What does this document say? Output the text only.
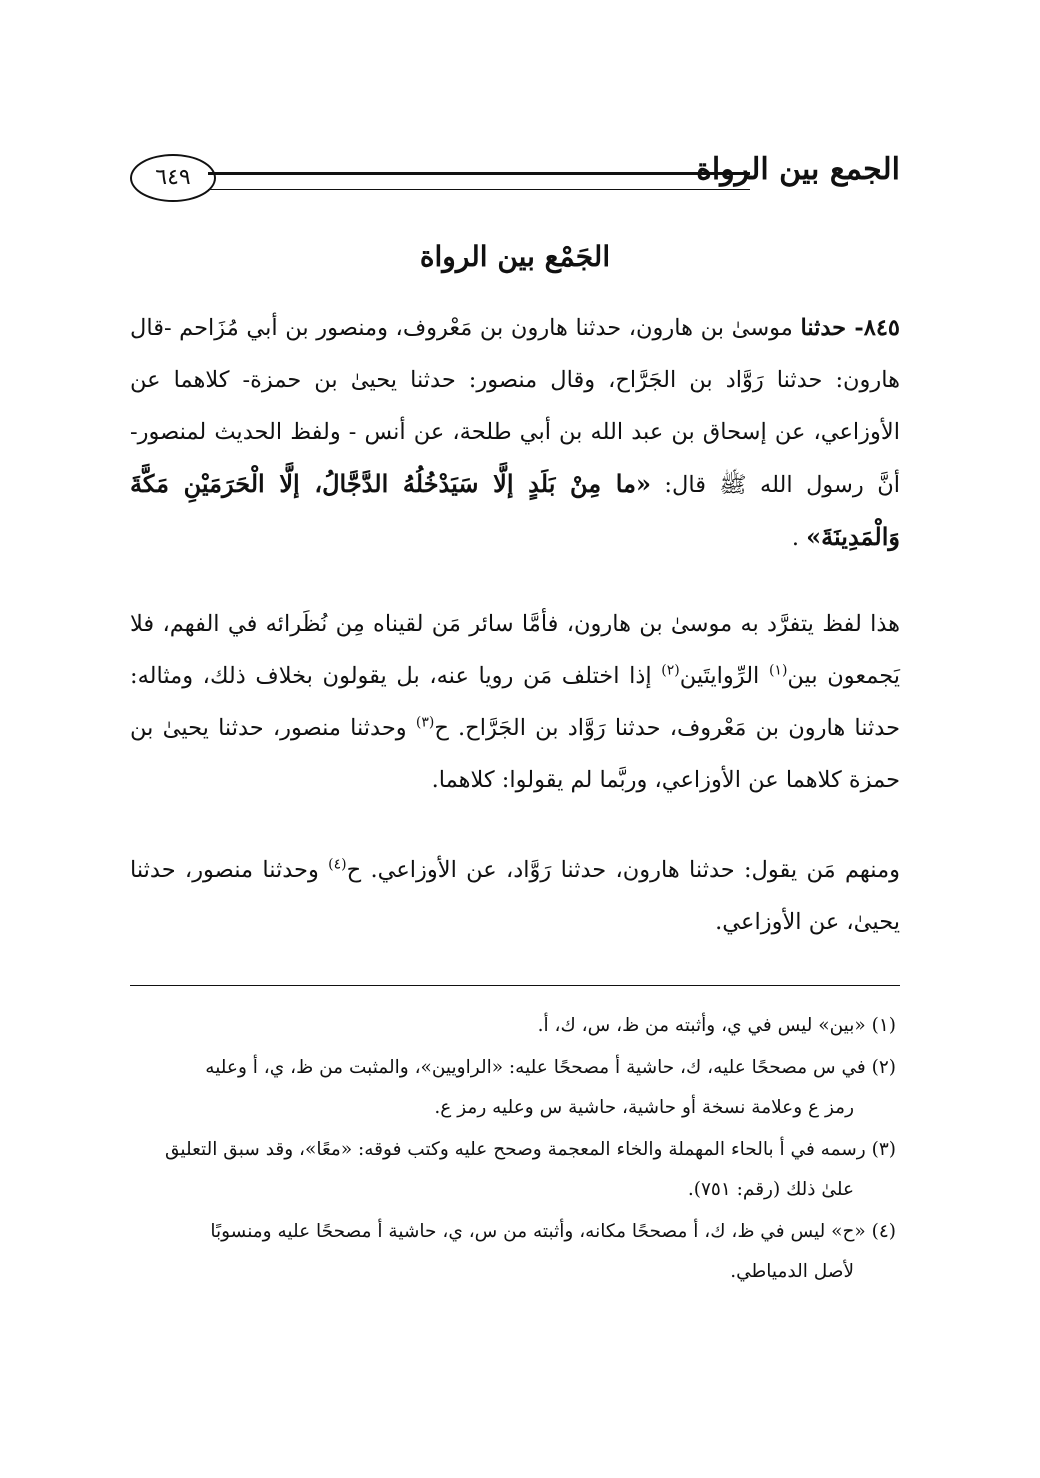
٦٤٩	الجمع بين الرواة
الجَمْع بين الرواة

٨٤٥- حدثنا موسىٰ بن هارون، حدثنا هارون بن مَعْروف، ومنصور بن أبي مُزَاحم -قال هارون: حدثنا رَوَّاد بن الجَرَّاح، وقال منصور: حدثنا يحيىٰ بن حمزة- كلاهما عن الأوزاعي، عن إسحاق بن عبد الله بن أبي طلحة، عن أنس - ولفظ الحديث لمنصور- أنَّ رسول الله ﷺ قال: «ما مِنْ بَلَدٍ إلَّا سَيَدْخُلُهُ الدَّجَّالُ، إلَّا الْحَرَمَيْنِ مَكَّةَ وَالْمَدِينَةَ» .

هذا لفظ يتفرَّد به موسىٰ بن هارون، فأمَّا سائر مَن لقيناه مِن نُظَرائه في الفهم، فلا يَجمعون بين$^{(١)}$ الرِّوايتَين$^{(٢)}$ إذا اختلف مَن رويا عنه، بل يقولون بخلاف ذلك، ومثاله: حدثنا هارون بن مَعْروف، حدثنا رَوَّاد بن الجَرَّاح. ح$^{(٣)}$ وحدثنا منصور، حدثنا يحيىٰ بن حمزة كلاهما عن الأوزاعي، وربَّما لم يقولوا: كلاهما.

ومنهم مَن يقول: حدثنا هارون، حدثنا رَوَّاد، عن الأوزاعي. ح$^{(٤)}$ وحدثنا منصور، حدثنا يحيىٰ، عن الأوزاعي.

(١) «بين» ليس في ي، وأثبته من ظ، س، ك، أ.
(٢) في س مصححًا عليه، ك، حاشية أ مصححًا عليه: «الراويين»، والمثبت من ظ، ي، أ وعليه
رمز ع وعلامة نسخة أو حاشية، حاشية س وعليه رمز ع.
(٣) رسمه في أ بالحاء المهملة والخاء المعجمة وصحح عليه وكتب فوقه: «معًا»، وقد سبق التعليق
علىٰ ذلك (رقم: ٧٥١).
(٤) «ح» ليس في ظ، ك، أ مصححًا مكانه، وأثبته من س، ي، حاشية أ مصححًا عليه ومنسوبًا
لأصل الدمياطي.
